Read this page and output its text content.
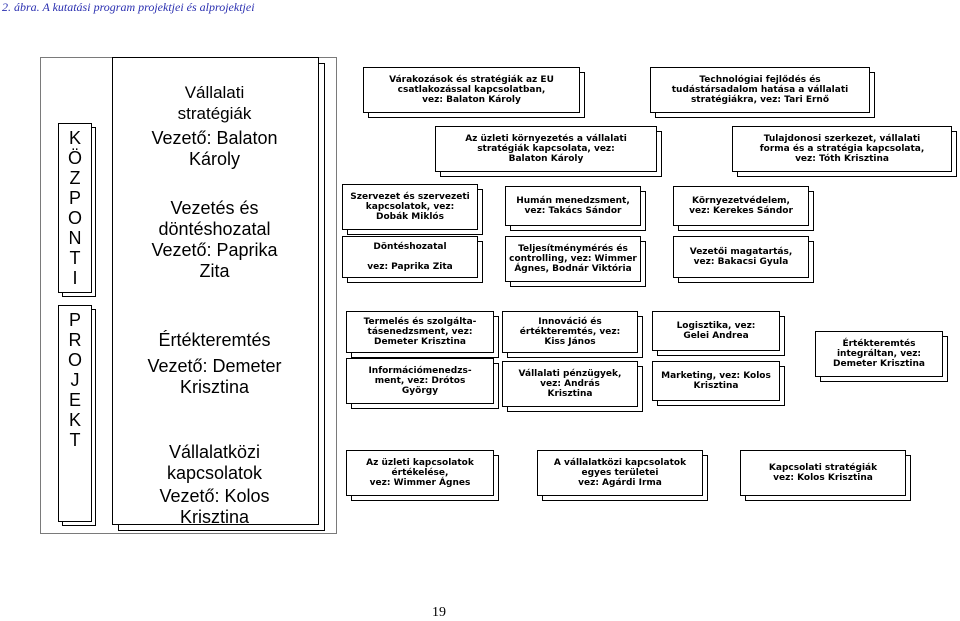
2. ábra. A kutatási program projektjei és alprojektjei
K
Ö
Z
P
O
N
T
I
P
R
O
J
E
K
T
Vállalati
stratégiák
Vezető: Balaton
Károly
Vezetés és
döntéshozatal
Vezető: Paprika
Zita
Értékteremtés
Vezető: Demeter
Krisztina
Vállalatközi
kapcsolatok
Vezető: Kolos
Krisztina
Várakozások és stratégiák az EU
csatlakozással kapcsolatban,
vez: Balaton Károly
Technológiai fejlődés és
tudástársadalom hatása a vállalati
stratégiákra, vez: Tari Ernő
Az üzleti környezetés a vállalati
stratégiák kapcsolata, vez:
Balaton Károly
Tulajdonosi szerkezet, vállalati
forma és a stratégia kapcsolata,
vez: Tóth Krisztina
Szervezet és szervezeti
kapcsolatok, vez:
Dobák Miklós
Humán menedzsment,
vez: Takács Sándor
Környezetvédelem,
vez: Kerekes Sándor
Döntéshozatal

vez: Paprika Zita
Teljesítménymérés és
controlling, vez: Wimmer
Ágnes, Bodnár Viktória
Vezetői magatartás,
vez: Bakacsi Gyula
Termelés és szolgálta-
tásenedzsment, vez:
Demeter Krisztina
Innováció és
értékteremtés, vez:
Kiss János
Logisztika, vez:
Gelei Andrea
Értékteremtés
integráltan, vez:
Demeter Krisztina
Információmenedzs-
ment, vez: Drótos
György
Vállalati pénzügyek,
vez: András
Krisztina
Marketing, vez: Kolos
Krisztina
Az üzleti kapcsolatok
értékelése,
vez: Wimmer Ágnes
A vállalatközi kapcsolatok
egyes területei
vez: Agárdi Irma
Kapcsolati stratégiák
vez: Kolos Krisztina
19
